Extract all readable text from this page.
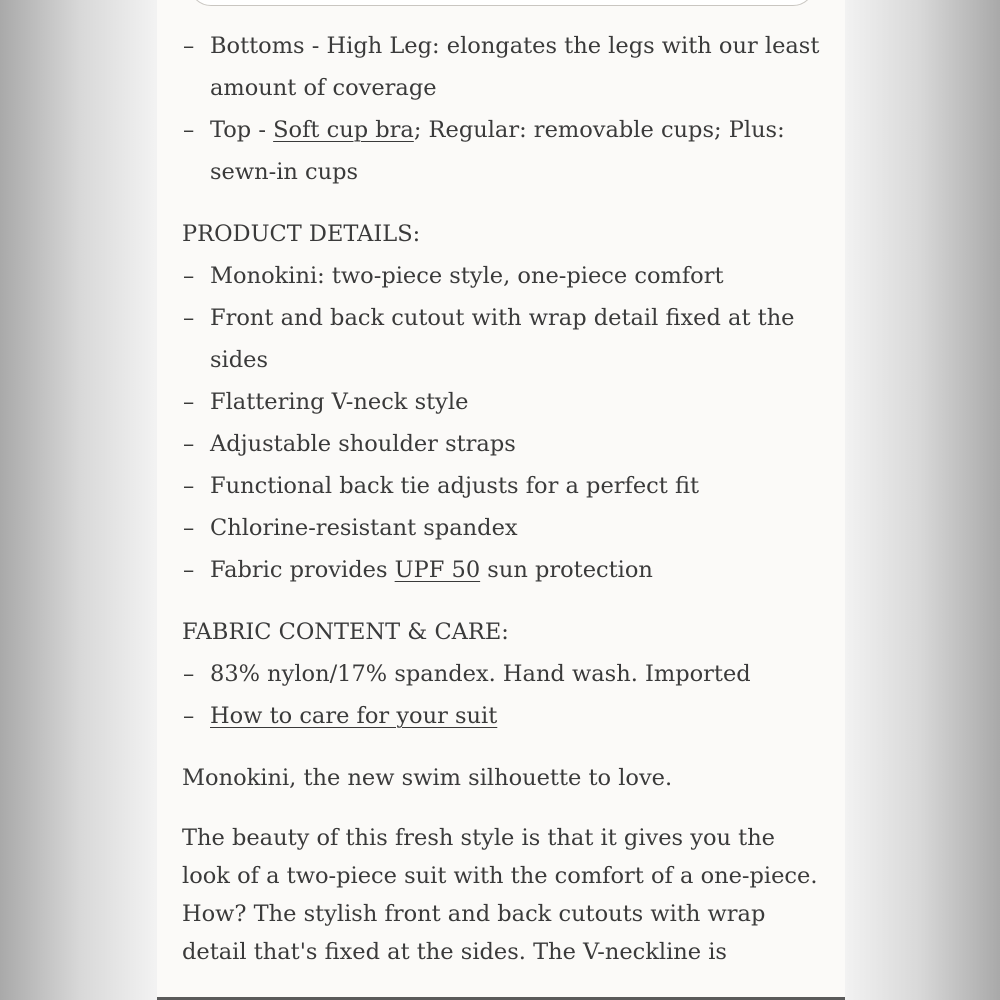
– Bottoms - High Leg: elongates the legs with our least amount of coverage
– Top - Soft cup bra; Regular: removable cups; Plus: sewn-in cups

PRODUCT DETAILS:

– Monokini: two-piece style, one-piece comfort
– Front and back cutout with wrap detail fixed at the sides
– Flattering V-neck style
– Adjustable shoulder straps
– Functional back tie adjusts for a perfect fit
– Chlorine-resistant spandex
– Fabric provides UPF 50 sun protection

FABRIC CONTENT & CARE:

– 83% nylon/17% spandex. Hand wash. Imported
– How to care for your suit

Monokini, the new swim silhouette to love.

The beauty of this fresh style is that it gives you the look of a two-piece suit with the comfort of a one-piece. How? The stylish front and back cutouts with wrap detail that's fixed at the sides. The V-neckline is
